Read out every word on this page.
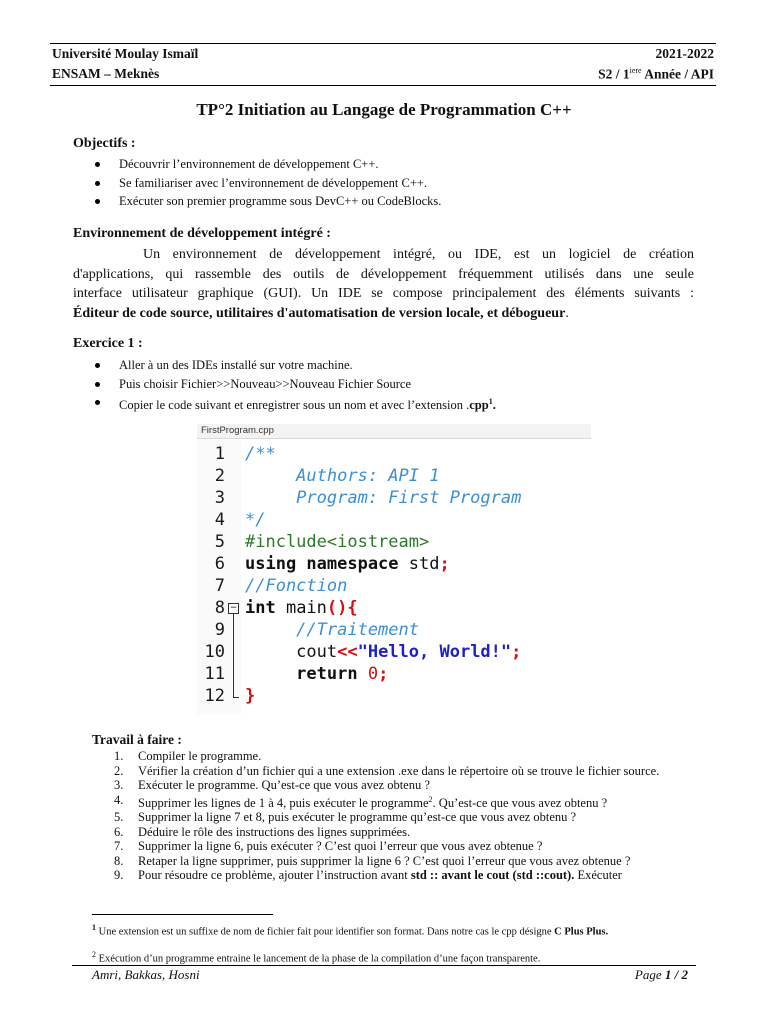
Université Moulay Ismaïl	2021-2022
ENSAM – Meknès	$S2 / 1^{iere}$ Année / API
TP°2 Initiation au Langage de Programmation C++
Objectifs :
Découvrir l’environnement de développement C++.
Se familiariser avec l’environnement de développement C++.
Exécuter son premier programme sous DevC++ ou CodeBlocks.
Environnement de développement intégré :
Un environnement de développement intégré, ou IDE, est un logiciel de création
d'applications, qui rassemble des outils de développement fréquemment utilisés dans une seule
interface utilisateur graphique (GUI). Un IDE se compose principalement des éléments suivants :
Éditeur de code source, utilitaires d'automatisation de version locale, et débogueur.
Exercice 1 :
Aller à un des IDEs installé sur votre machine.
Puis choisir Fichier>>Nouveau>>Nouveau Fichier Source
Copier le code suivant et enregistrer sous un nom et avec l’extension .cpp$^1$.
FirstProgram.cpp
1 /**
2 Authors: API 1
3 Program: First Program
4 */
5 #include<iostream>
6 using namespace std;
7 //Fonction
8 int main(){
9 //Traitement
10 cout<<"Hello, World!";
11 return 0;
12 }
−
Travail à faire :
1. Compiler le programme.
2. Vérifier la création d’un fichier qui a une extension .exe dans le répertoire où se trouve le fichier source.
3. Exécuter le programme. Qu’est-ce que vous avez obtenu ?
4. Supprimer les lignes de 1 à 4, puis exécuter le programme$^2$. Qu’est-ce que vous avez obtenu ?
5. Supprimer la ligne 7 et 8, puis exécuter le programme qu’est-ce que vous avez obtenu ?
6. Déduire le rôle des instructions des lignes supprimées.
7. Supprimer la ligne 6, puis exécuter ? C’est quoi l’erreur que vous avez obtenue ?
8. Retaper la ligne supprimer, puis supprimer la ligne 6 ? C’est quoi l’erreur que vous avez obtenue ?
9. Pour résoudre ce problème, ajouter l’instruction avant std :: avant le cout (std ::cout). Exécuter
$^1$ Une extension est un suffixe de nom de fichier fait pour identifier son format. Dans notre cas le cpp désigne C Plus Plus.
$^2$ Exécution d’un programme entraine le lancement de la phase de la compilation d’une façon transparente.
Amri, Bakkas, Hosni	Page 1 / 2
